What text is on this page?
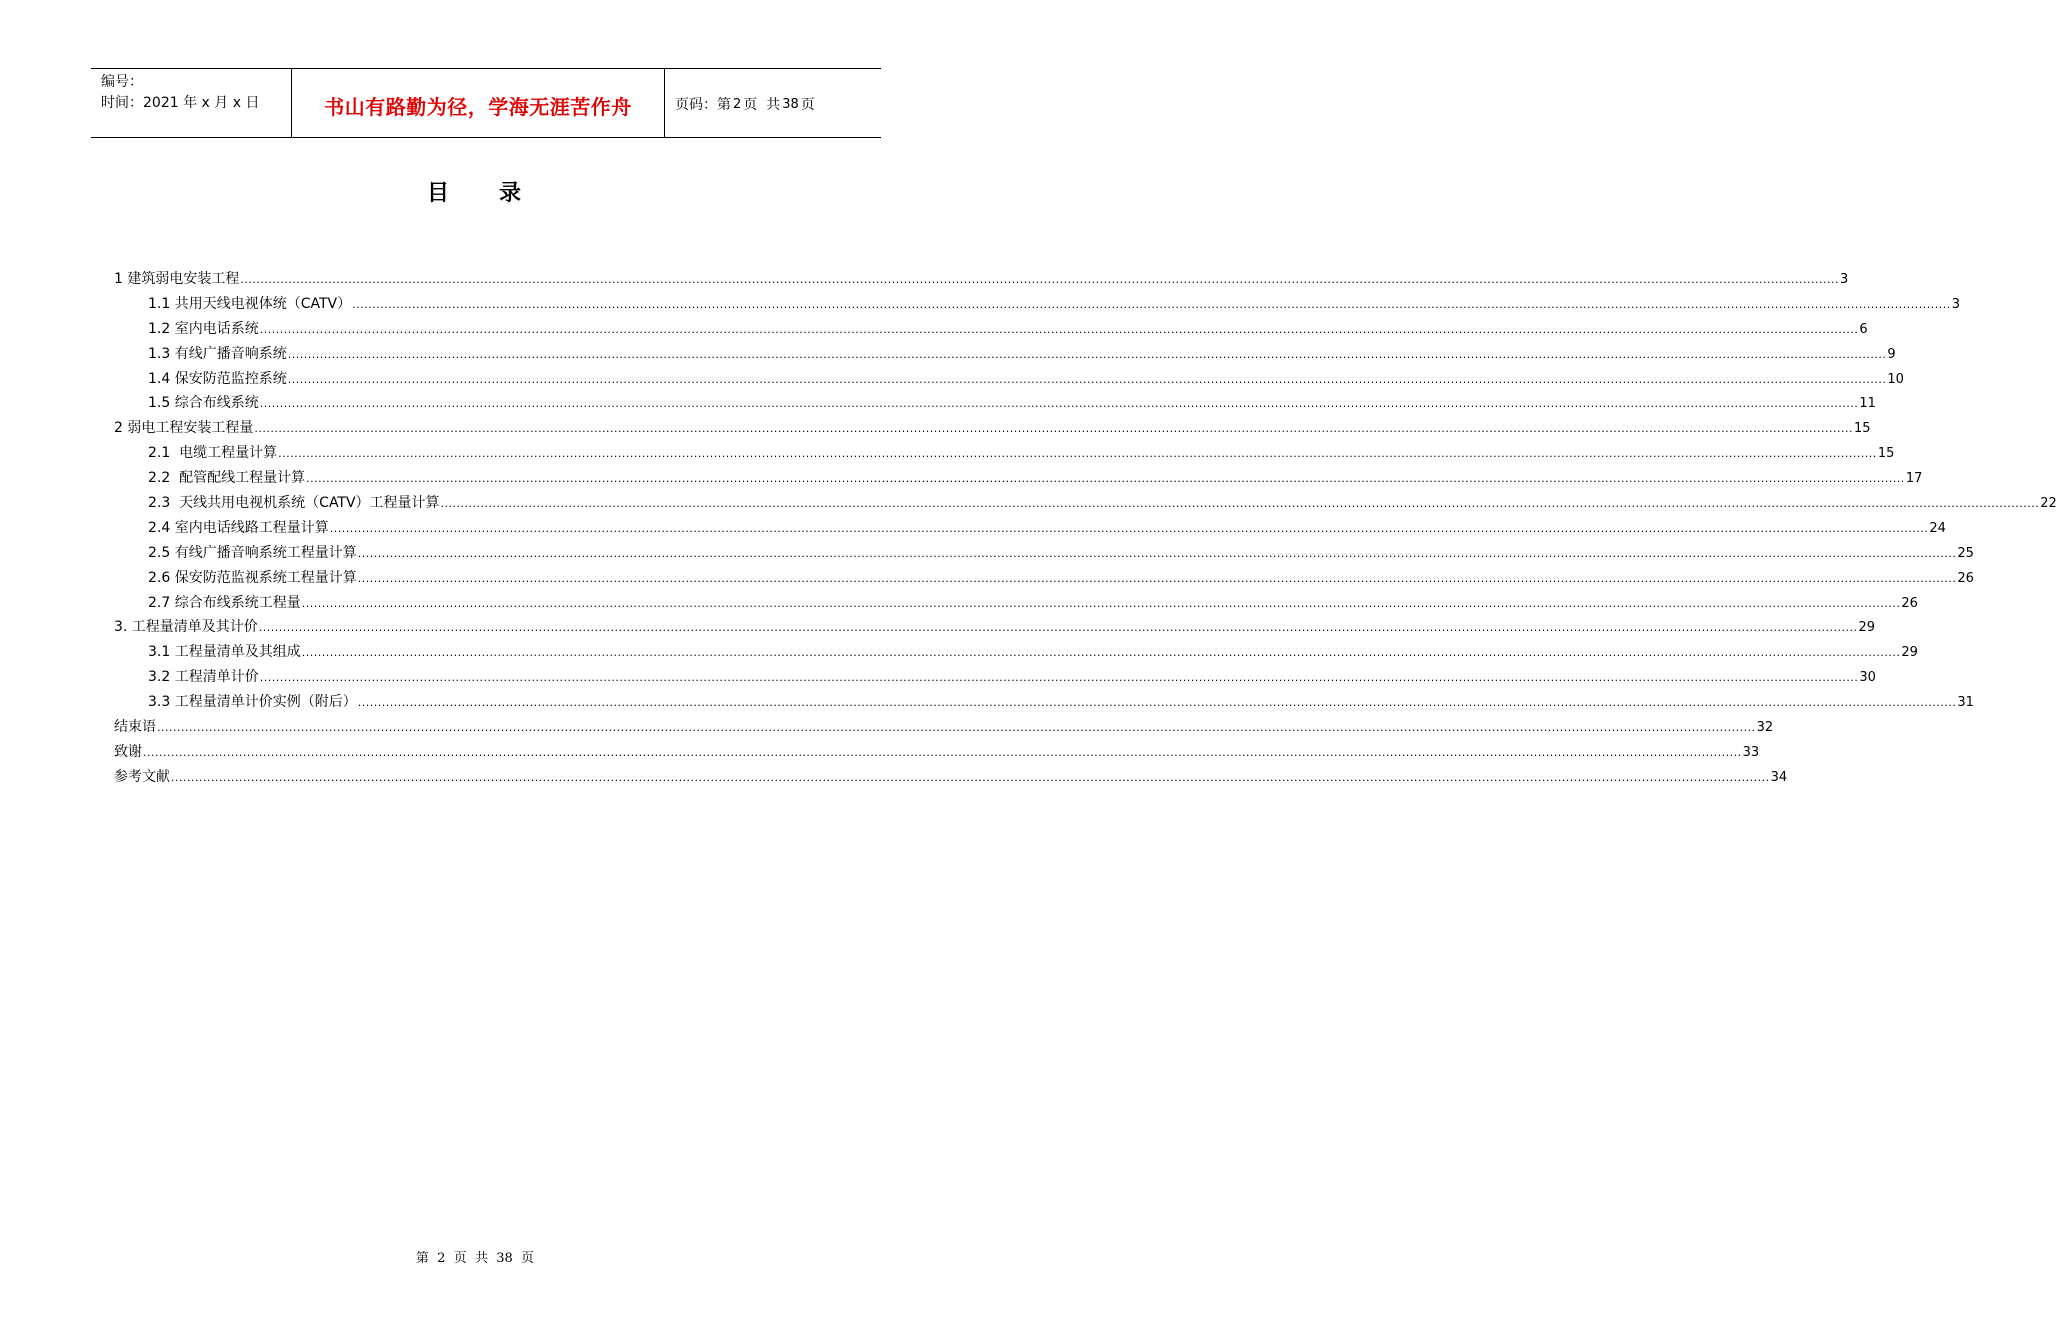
编号：
时间：2021 年 x 月 x 日	书山有路勤为径，学海无涯苦作舟	页码：第 2 页  共 38 页
目 录
1 建筑弱电安装工程 ................................................................................................................................................................................................................................................................................................................................................................................................................ 3
1.1 共用天线电视体统（CATV） ................................................................................................................................................................................................................................................................................................................................................................................................................ 3
1.2 室内电话系统 ................................................................................................................................................................................................................................................................................................................................................................................................................ 6
1.3 有线广播音响系统 ................................................................................................................................................................................................................................................................................................................................................................................................................ 9
1.4 保安防范监控系统 ................................................................................................................................................................................................................................................................................................................................................................................................................ 10
1.5 综合布线系统 ................................................................................................................................................................................................................................................................................................................................................................................................................ 11
2 弱电工程安装工程量 ................................................................................................................................................................................................................................................................................................................................................................................................................ 15
2.1  电缆工程量计算 ................................................................................................................................................................................................................................................................................................................................................................................................................ 15
2.2  配管配线工程量计算 ................................................................................................................................................................................................................................................................................................................................................................................................................ 17
2.3  天线共用电视机系统（CATV）工程量计算 ................................................................................................................................................................................................................................................................................................................................................................................................................ 22
2.4 室内电话线路工程量计算 ................................................................................................................................................................................................................................................................................................................................................................................................................ 24
2.5 有线广播音响系统工程量计算 ................................................................................................................................................................................................................................................................................................................................................................................................................ 25
2.6 保安防范监视系统工程量计算 ................................................................................................................................................................................................................................................................................................................................................................................................................ 26
2.7 综合布线系统工程量 ................................................................................................................................................................................................................................................................................................................................................................................................................ 26
3. 工程量清单及其计价 ................................................................................................................................................................................................................................................................................................................................................................................................................ 29
3.1 工程量清单及其组成 ................................................................................................................................................................................................................................................................................................................................................................................................................ 29
3.2 工程清单计价 ................................................................................................................................................................................................................................................................................................................................................................................................................ 30
3.3 工程量清单计价实例（附后） ................................................................................................................................................................................................................................................................................................................................................................................................................ 31
结束语 ................................................................................................................................................................................................................................................................................................................................................................................................................ 32
致谢 ................................................................................................................................................................................................................................................................................................................................................................................................................ 33
参考文献 ................................................................................................................................................................................................................................................................................................................................................................................................................ 34
第  2  页  共  38  页
